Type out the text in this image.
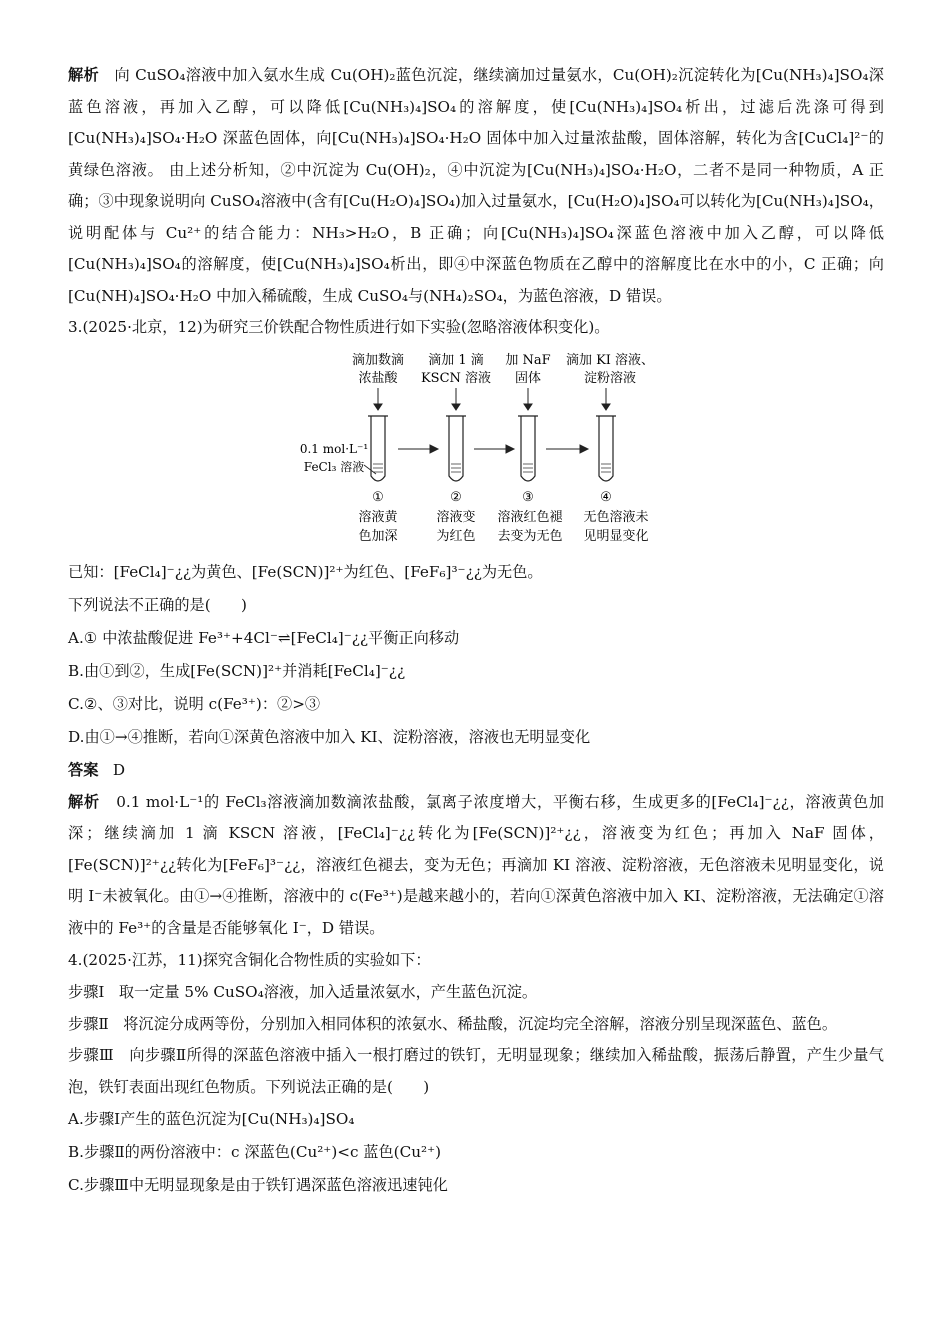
解析 向 CuSO₄溶液中加入氨水生成 Cu(OH)₂蓝色沉淀，继续滴加过量氨水，Cu(OH)₂沉淀转化为[Cu(NH₃)₄]SO₄深蓝色溶液，再加入乙醇，可以降低[Cu(NH₃)₄]SO₄的溶解度，使[Cu(NH₃)₄]SO₄析出，过滤后洗涤可得到[Cu(NH₃)₄]SO₄·H₂O 深蓝色固体，向[Cu(NH₃)₄]SO₄·H₂O 固体中加入过量浓盐酸，固体溶解，转化为含[CuCl₄]²⁻的黄绿色溶液。 由上述分析知，②中沉淀为 Cu(OH)₂，④中沉淀为[Cu(NH₃)₄]SO₄·H₂O，二者不是同一种物质，A 正确；③中现象说明向 CuSO₄溶液中(含有[Cu(H₂O)₄]SO₄)加入过量氨水，[Cu(H₂O)₄]SO₄可以转化为[Cu(NH₃)₄]SO₄，说明配体与 Cu²⁺的结合能力：NH₃>H₂O，B 正确；向[Cu(NH₃)₄]SO₄深蓝色溶液中加入乙醇，可以降低[Cu(NH₃)₄]SO₄的溶解度，使[Cu(NH₃)₄]SO₄析出，即④中深蓝色物质在乙醇中的溶解度比在水中的小，C 正确；向[Cu(NH)₄]SO₄·H₂O 中加入稀硫酸，生成 CuSO₄与(NH₄)₂SO₄，为蓝色溶液，D 错误。

3.(2025·北京，12)为研究三价铁配合物性质进行如下实验(忽略溶液体积变化)。

滴加数滴
浓盐酸
滴加 1 滴
KSCN 溶液
加 NaF
固体
滴加 KI 溶液、
淀粉溶液
0.1 mol·L⁻¹
FeCl₃ 溶液
①	②	③	④
溶液黄
色加深
溶液变
为红色
溶液红色褪
去变为无色
无色溶液未
见明显变化

已知：[FeCl₄]⁻¿¿为黄色、[Fe(SCN)]²⁺为红色、[FeF₆]³⁻¿¿为无色。

下列说法不正确的是(　　)

A.① 中浓盐酸促进 Fe³⁺+4Cl⁻⇌[FeCl₄]⁻¿¿平衡正向移动

B.由①到②，生成[Fe(SCN)]²⁺并消耗[FeCl₄]⁻¿¿

C.②、③对比，说明 c(Fe³⁺)：②>③

D.由①→④推断，若向①深黄色溶液中加入 KI、淀粉溶液，溶液也无明显变化

答案 D

解析 0.1 mol·L⁻¹的 FeCl₃溶液滴加数滴浓盐酸，氯离子浓度增大，平衡右移，生成更多的[FeCl₄]⁻¿¿，溶液黄色加深；继续滴加 1 滴 KSCN 溶液，[FeCl₄]⁻¿¿转化为[Fe(SCN)]²⁺¿¿，溶液变为红色；再加入 NaF 固体，[Fe(SCN)]²⁺¿¿转化为[FeF₆]³⁻¿¿，溶液红色褪去，变为无色；再滴加 KI 溶液、淀粉溶液，无色溶液未见明显变化，说明 I⁻未被氧化。由①→④推断，溶液中的 c(Fe³⁺)是越来越小的，若向①深黄色溶液中加入 KI、淀粉溶液，无法确定①溶液中的 Fe³⁺的含量是否能够氧化 I⁻，D 错误。

4.(2025·江苏，11)探究含铜化合物性质的实验如下：

步骤Ⅰ 取一定量 5% CuSO₄溶液，加入适量浓氨水，产生蓝色沉淀。

步骤Ⅱ 将沉淀分成两等份，分别加入相同体积的浓氨水、稀盐酸，沉淀均完全溶解，溶液分别呈现深蓝色、蓝色。

步骤Ⅲ 向步骤Ⅱ所得的深蓝色溶液中插入一根打磨过的铁钉，无明显现象；继续加入稀盐酸，振荡后静置，产生少量气泡，铁钉表面出现红色物质。下列说法正确的是(　　)

A.步骤Ⅰ产生的蓝色沉淀为[Cu(NH₃)₄]SO₄

B.步骤Ⅱ的两份溶液中：c 深蓝色(Cu²⁺)<c 蓝色(Cu²⁺)

C.步骤Ⅲ中无明显现象是由于铁钉遇深蓝色溶液迅速钝化
